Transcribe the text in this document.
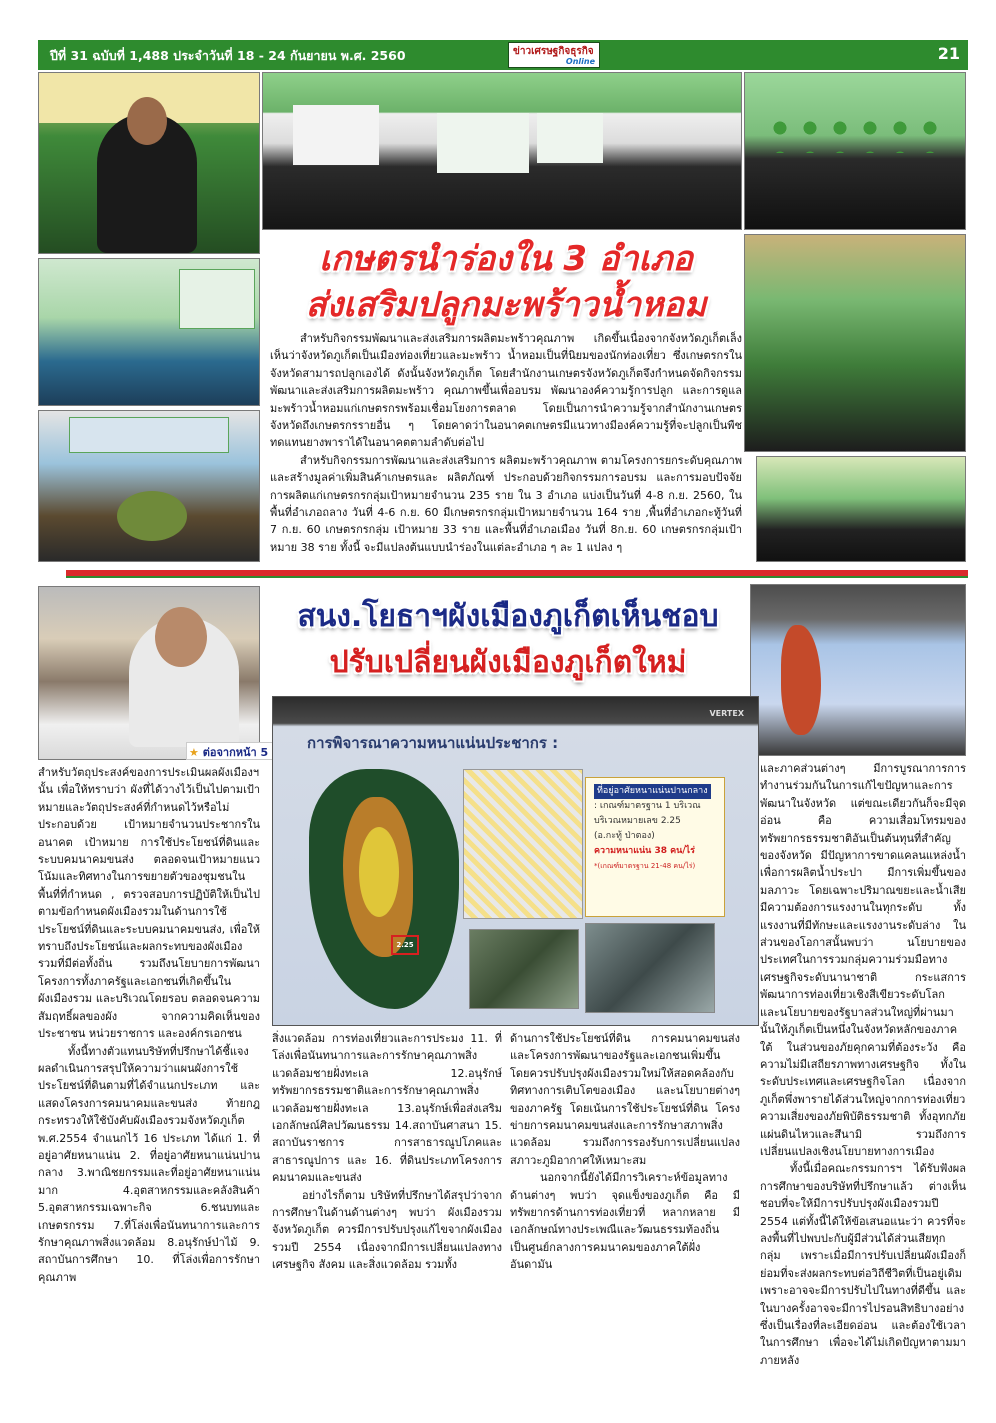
ปีที่ 31 ฉบับที่ 1,488 ประจำวันที่ 18 - 24 กันยายน พ.ศ. 2560	ข่าวเศรษฐกิจธุรกิจ
Online	21
เกษตรนำร่องใน 3 อำเภอ
ส่งเสริมปลูกมะพร้าวน้ำหอม

สำหรับกิจกรรมพัฒนาและส่งเสริมการผลิตมะพร้าวคุณภาพ เกิดขึ้นเนื่องจากจังหวัดภูเก็ตเล็งเห็นว่าจังหวัดภูเก็ตเป็นเมืองท่องเที่ยวและมะพร้าว น้ำหอมเป็นที่นิยมของนักท่องเที่ยว ซึ่งเกษตรกรในจังหวัดสามารถปลูกเองได้ ดังนั้นจังหวัดภูเก็ต โดยสำนักงานเกษตรจังหวัดภูเก็ตจึงกำหนดจัดกิจกรรมพัฒนาและส่งเสริมการผลิตมะพร้าว คุณภาพขึ้นเพื่ออบรม พัฒนาองค์ความรู้การปลูก และการดูแลมะพร้าวน้ำหอมแก่เกษตรกรพร้อมเชื่อมโยงการตลาด โดยเป็นการนำความรู้จากสำนักงานเกษตรจังหวัดถึงเกษตรกรรายอื่น ๆ โดยคาดว่าในอนาคตเกษตรมีแนวทางมีองค์ความรู้ที่จะปลูกเป็นพืชทดแทนยางพาราได้ในอนาคตตามลำดับต่อไป

สำหรับกิจกรรมการพัฒนาและส่งเสริมการ ผลิตมะพร้าวคุณภาพ ตามโครงการยกระดับคุณภาพและสร้างมูลค่าเพิ่มสินค้าเกษตรและ ผลิตภัณฑ์ ประกอบด้วยกิจกรรมการอบรม และการมอบปัจจัยการผลิตแก่เกษตรกรกลุ่มเป้าหมายจำนวน 235 ราย ใน 3 อำเภอ แบ่งเป็นวันที่ 4-8 ก.ย. 2560, ในพื้นที่อำเภอถลาง วันที่ 4-6 ก.ย. 60 มีเกษตรกรกลุ่มเป้าหมายจำนวน 164 ราย ,พื้นที่อำเภอกะทู้วันที่ 7 ก.ย. 60 เกษตรกรกลุ่ม เป้าหมาย 33 ราย และพื้นที่อำเภอเมือง วันที่ 8ก.ย. 60 เกษตรกรกลุ่มเป้าหมาย 38 ราย ทั้งนี้ จะมีแปลงต้นแบบนำร่องในแต่ละอำเภอ ๆ ละ 1 แปลง ๆ

★ ต่อจากหน้า 5
สนง.โยธาฯผังเมืองภูเก็ตเห็นชอบ
ปรับเปลี่ยนผังเมืองภูเก็ตใหม่
VERTEX
การพิจารณาความหนาแน่นประชากร :
2.25
ที่อยู่อาศัยหนาแน่นปานกลาง
: เกณฑ์มาตรฐาน 1 บริเวณ
บริเวณหมายเลข 2.25
(อ.กะทู้ ป่าตอง)
ความหนาแน่น 38 คน/ไร่
*(เกณฑ์มาตรฐาน 21-48 คน/ไร่)

สำหรับวัตถุประสงค์ของการประเมินผลผังเมืองฯ นั้น เพื่อให้ทราบว่า ผังที่ได้วางไว้เป็นไปตามเป้าหมายและวัตถุประสงค์ที่กำหนดไว้หรือไม่ ประกอบด้วย เป้าหมายจำนวนประชากรในอนาคต เป้าหมาย การใช้ประโยชน์ที่ดินและระบบคมนาคมขนส่ง ตลอดจนเป้าหมายแนวโน้มและทิศทางในการขยายตัวของชุมชนในพื้นที่ที่กำหนด , ตรวจสอบการปฏิบัติให้เป็นไปตามข้อกำหนดผังเมืองรวมในด้านการใช้ประโยชน์ที่ดินและระบบคมนาคมขนส่ง, เพื่อให้ทราบถึงประโยชน์และผลกระทบของผังเมืองรวมที่มีต่อทั้งถิ่น รวมถึงนโยบายการพัฒนาโครงการทั้งภาครัฐและเอกชนที่เกิดขึ้นในผังเมืองรวม และบริเวณโดยรอบ ตลอดจนความสัมฤทธิ์ผลของผัง จากความคิดเห็นของประชาชน หน่วยราชการ และองค์กรเอกชน

ทั้งนี้ทางตัวแทนบริษัทที่ปรึกษาได้ชี้แจงผลดำเนินการสรุปให้ความว่าแผนผังการใช้ประโยชน์ที่ดินตามที่ได้จำแนกประเภท และแสดงโครงการคมนาคมและขนส่ง ท้ายกฎกระทรวงให้ใช้บังคับผังเมืองรวมจังหวัดภูเก็ต พ.ศ.2554 จำแนกไว้ 16 ประเภท ได้แก่ 1. ที่อยู่อาศัยหนาแน่น 2. ที่อยู่อาศัยหนาแน่นปานกลาง 3.พาณิชยกรรมและที่อยู่อาศัยหนาแน่นมาก 4.อุตสาหกรรมและคลังสินค้า 5.อุตสาหกรรมเฉพาะกิจ 6.ชนบทและเกษตรกรรม 7.ที่โล่งเพื่อนันทนาการและการรักษาคุณภาพสิ่งแวดล้อม 8.อนุรักษ์ป่าไม้ 9. สถาบันการศึกษา 10. ที่โล่งเพื่อการรักษาคุณภาพ

สิ่งแวดล้อม การท่องเที่ยวและการประมง 11. ที่โล่งเพื่อนันทนาการและการรักษาคุณภาพสิ่งแวดล้อมชายฝั่งทะเล 12.อนุรักษ์ทรัพยากรธรรมชาติและการรักษาคุณภาพสิ่งแวดล้อมชายฝั่งทะเล 13.อนุรักษ์เพื่อส่งเสริมเอกลักษณ์ศิลปวัฒนธรรม 14.สถาบันศาสนา 15. สถาบันราชการ การสาธารณูปโภคและสาธารณูปการ และ 16. ที่ดินประเภทโครงการคมนาคมและขนส่ง

อย่างไรก็ตาม บริษัทที่ปรึกษาได้สรุปว่าจากการศึกษาในด้านด้านต่างๆ พบว่า ผังเมืองรวมจังหวัดภูเก็ต ควรมีการปรับปรุงแก้ไขจากผังเมืองรวมปี 2554 เนื่องจากมีการเปลี่ยนแปลงทางเศรษฐกิจ สังคม และสิ่งแวดล้อม รวมทั้ง

ด้านการใช้ประโยชน์ที่ดิน การคมนาคมขนส่ง และโครงการพัฒนาของรัฐและเอกชนเพิ่มขึ้น โดยควรปรับปรุงผังเมืองรวมใหม่ให้สอดคล้องกับทิศทางการเติบโตของเมือง และนโยบายต่างๆ ของภาครัฐ โดยเน้นการใช้ประโยชน์ที่ดิน โครงข่ายการคมนาคมขนส่งและการรักษาสภาพสิ่งแวดล้อม รวมถึงการรองรับการเปลี่ยนแปลงสภาวะภูมิอากาศให้เหมาะสม

นอกจากนี้ยังได้มีการวิเคราะห์ข้อมูลทางด้านต่างๆ พบว่า จุดแข็งของภูเก็ต คือ มีทรัพยากรด้านการท่องเที่ยวที่ หลากหลาย มีเอกลักษณ์ทางประเพณีและวัฒนธรรมท้องถิ่น เป็นศูนย์กลางการคมนาคมของภาคใต้ฝั่งอันดามัน

และภาคส่วนต่างๆ มีการบูรณาการการทำงานร่วมกันในการแก้ไขปัญหาและการพัฒนาในจังหวัด แต่ขณะเดียวกันก็จะมีจุดอ่อน คือ ความเสื่อมโทรมของทรัพยากรธรรมชาติอันเป็นต้นทุนที่สำคัญของจังหวัด มีปัญหาการขาดแคลนแหล่งน้ำ เพื่อการผลิตน้ำประปา มีการเพิ่มขึ้นของมลภาวะ โดยเฉพาะปริมาณขยะและน้ำเสีย มีความต้องการแรงงานในทุกระดับ ทั้งแรงงานที่มีทักษะและแรงงานระดับล่าง ในส่วนของโอกาสนั้นพบว่า นโยบายของประเทศในการรวมกลุ่มความร่วมมือทางเศรษฐกิจระดับนานาชาติ กระแสการพัฒนาการท่องเที่ยวเชิงสีเขียวระดับโลก และนโยบายของรัฐบาลส่วนใหญ่ที่ผ่านมานั้นให้ภูเก็ตเป็นหนึ่งในจังหวัดหลักของภาคใต้ ในส่วนของภัยคุกคามที่ต้องระวัง คือ ความไม่มีเสถียรภาพทางเศรษฐกิจ ทั้งในระดับประเทศและเศรษฐกิจโลก เนื่องจากภูเก็ตพึ่งพารายได้ส่วนใหญ่จากการท่องเที่ยว ความเสี่ยงของภัยพิบัติธรรมชาติ ทั้งอุทกภัย แผ่นดินไหวและสึนามิ รวมถึงการเปลี่ยนแปลงเชิงนโยบายทางการเมือง

ทั้งนี้เมื่อคณะกรรมการฯ ได้รับฟังผลการศึกษาของบริษัทที่ปรึกษาแล้ว ต่างเห็นชอบที่จะให้มีการปรับปรุงผังเมืองรวมปี 2554 แต่ทั้งนี้ได้ให้ข้อเสนอแนะว่า ควรที่จะลงพื้นที่ไปพบปะกับผู้มีส่วนได้ส่วนเสียทุกกลุ่ม เพราะเมื่อมีการปรับเปลี่ยนผังเมืองก็ย่อมที่จะส่งผลกระทบต่อวิถีชีวิตที่เป็นอยู่เดิม เพราะอาจจะมีการปรับไปในทางที่ดีขึ้น และในบางครั้งอาจจะมีการไปรอนสิทธิบางอย่าง ซึ่งเป็นเรื่องที่ละเอียดอ่อน และต้องใช้เวลาในการศึกษา เพื่อจะได้ไม่เกิดปัญหาตามมาภายหลัง
